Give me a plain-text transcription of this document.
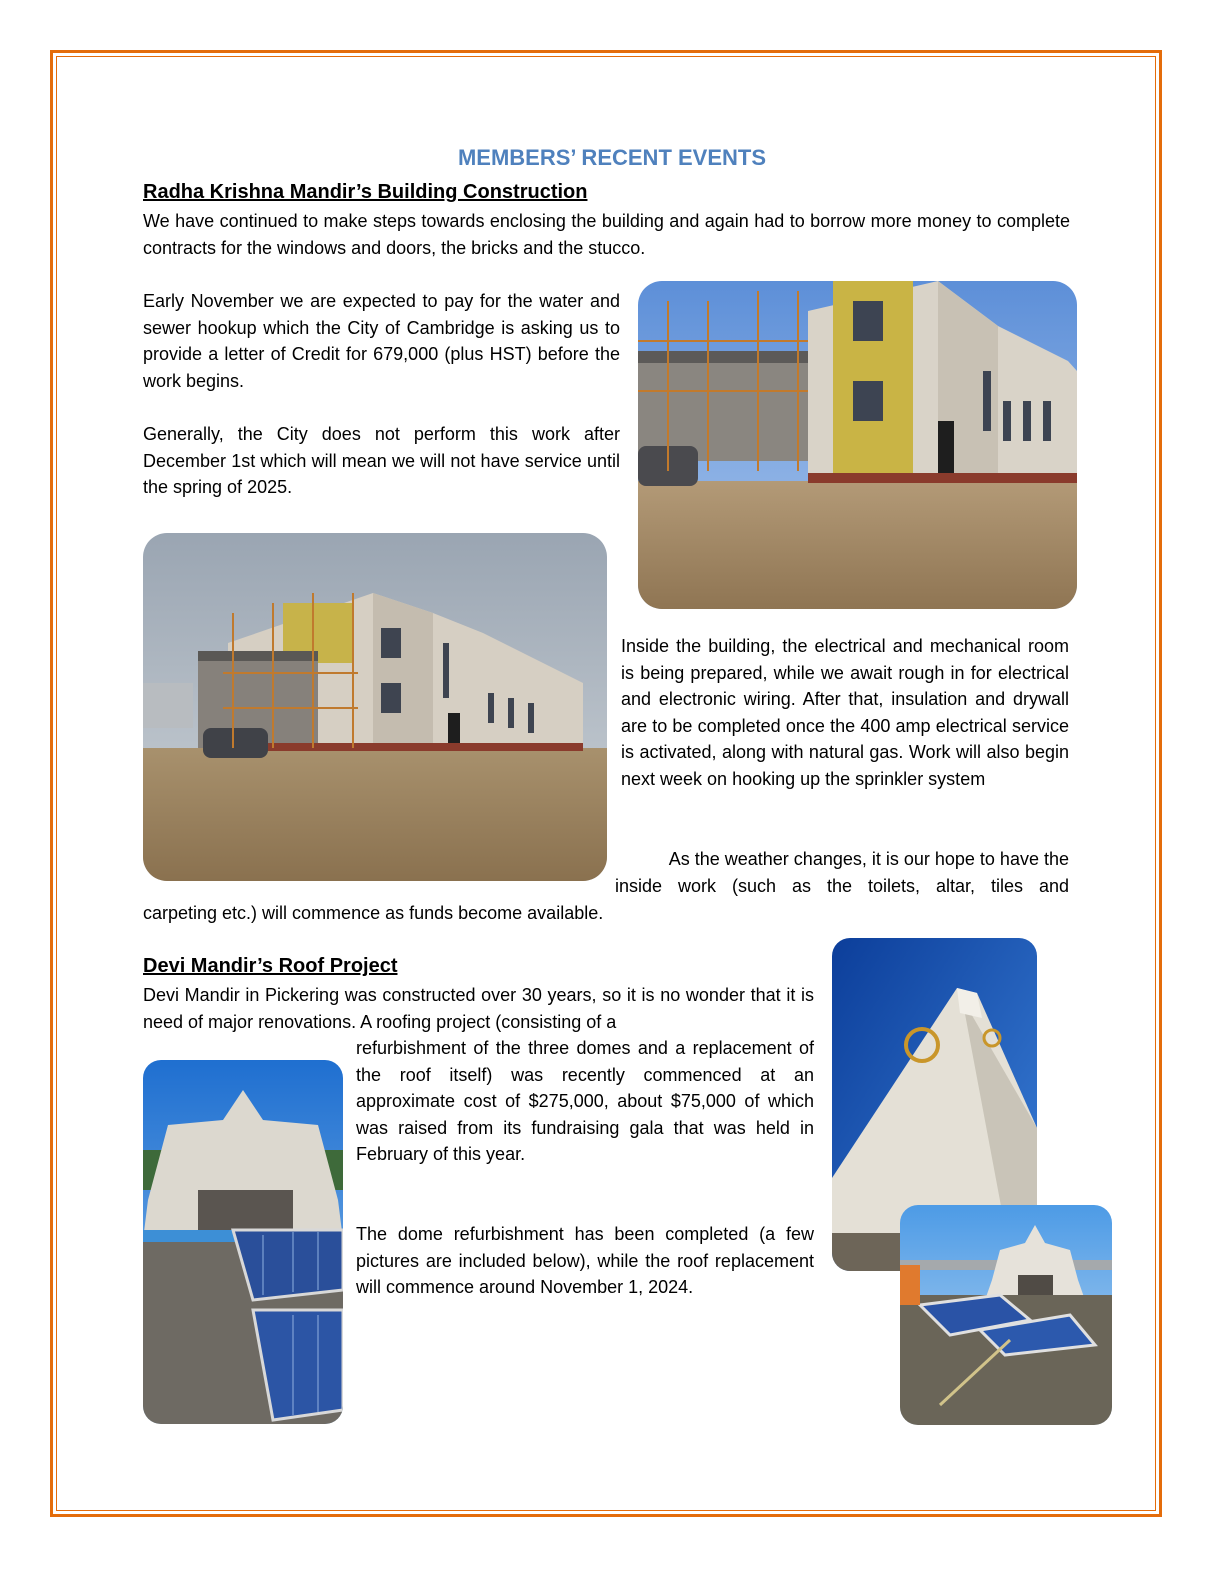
MEMBERS’ RECENT EVENTS
Radha Krishna Mandir’s Building Construction

We have continued to make steps towards enclosing the building and again had to borrow more money to complete contracts for the windows and doors, the bricks and the stucco.

Early November we are expected to pay for the water and sewer hookup which the City of Cambridge is asking us to provide a letter of Credit for 679,000 (plus HST) before the work begins.

Generally, the City does not perform this work after December 1st which will mean we will not have service until the spring of 2025.

Inside the building, the electrical and mechanical room is being prepared, while we await rough in for electrical and electronic wiring. After that, insulation and drywall are to be completed once the 400 amp electrical service is activated, along with natural gas. Work will also begin next week on hooking up the sprinkler system

As the weather changes, it is our hope to have the

inside work (such as the toilets, altar, tiles and

carpeting etc.) will commence as funds become available.

Devi Mandir’s Roof Project

Devi Mandir in Pickering was constructed over 30 years, so it is no wonder that it is need of major renovations. A roofing project (consisting of a

refurbishment of the three domes and a replacement of the roof itself) was recently commenced at an approximate cost of $275,000, about $75,000 of which was raised from its fundraising gala that was held in February of this year.

The dome refurbishment has been completed (a few pictures are included below), while the roof replacement will commence around November 1, 2024.
